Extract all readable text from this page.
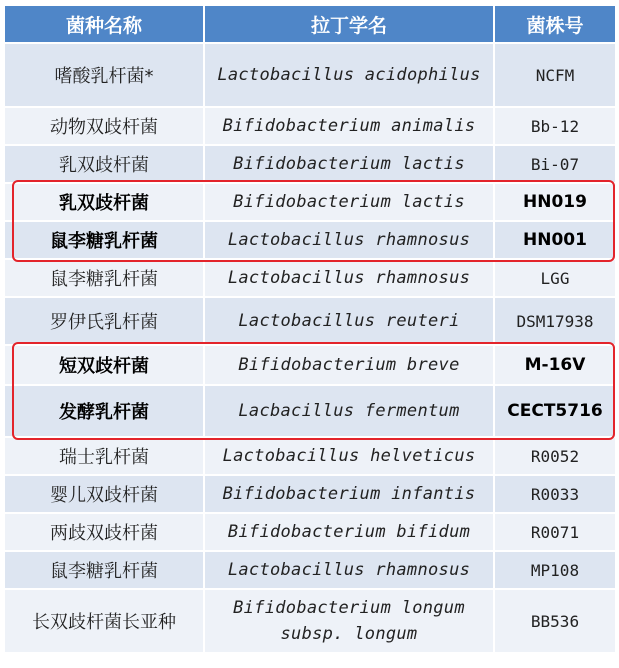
菌种名称	拉丁学名	菌株号
嗜酸乳杆菌*	Lactobacillus acidophilus	NCFM
动物双歧杆菌	Bifidobacterium animalis	Bb-12
乳双歧杆菌	Bifidobacterium lactis	Bi-07
乳双歧杆菌	Bifidobacterium lactis	HN019
鼠李糖乳杆菌	Lactobacillus rhamnosus	HN001
鼠李糖乳杆菌	Lactobacillus rhamnosus	LGG
罗伊氏乳杆菌	Lactobacillus reuteri	DSM17938
短双歧杆菌	Bifidobacterium breve	M-16V
发酵乳杆菌	Lacbacillus fermentum	CECT5716
瑞士乳杆菌	Lactobacillus helveticus	R0052
婴儿双歧杆菌	Bifidobacterium infantis	R0033
两歧双歧杆菌	Bifidobacterium bifidum	R0071
鼠李糖乳杆菌	Lactobacillus rhamnosus	MP108
长双歧杆菌长亚种	Bifidobacterium longum subsp. longum	BB536
